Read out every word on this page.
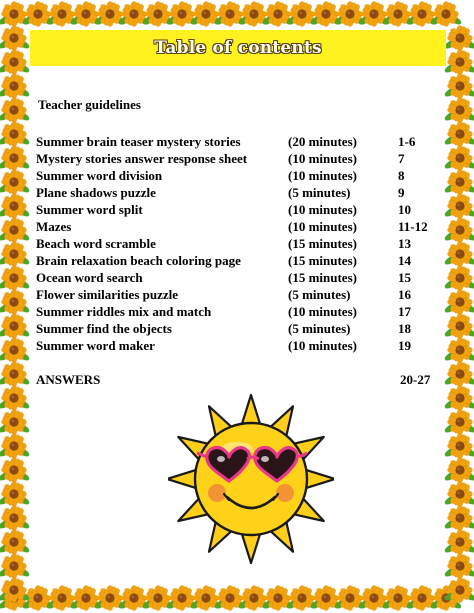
Table of contents
Teacher guidelines
Summer brain teaser mystery stories	(20 minutes)	1-6
Mystery stories answer response sheet	(10 minutes)	7
Summer word division	(10 minutes)	8
Plane shadows puzzle	(5 minutes)	9
Summer word split	(10 minutes)	10
Mazes	(10 minutes)	11-12
Beach word scramble	(15 minutes)	13
Brain relaxation beach coloring page	(15 minutes)	14
Ocean word search	(15 minutes)	15
Flower similarities puzzle	(5 minutes)	16
Summer riddles mix and match	(10 minutes)	17
Summer find the objects	(5 minutes)	18
Summer word maker	(10 minutes)	19
ANSWERS	20-27
